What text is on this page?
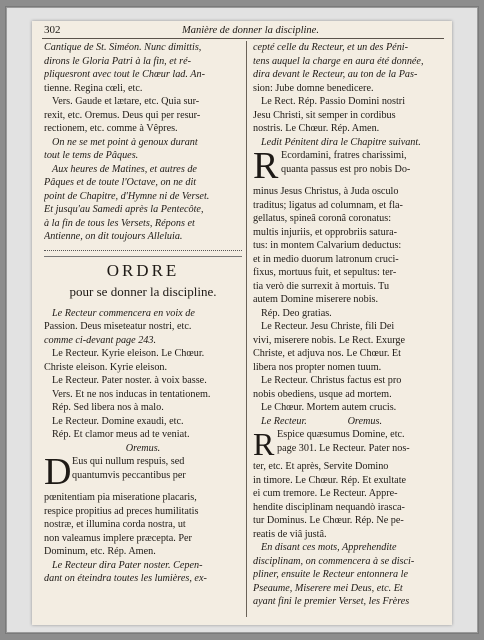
302	Manière de donner la discipline.
Cantique de St. Siméon. Nunc dimittis,
dirons le Gloria Patri à la fin, et ré-
pliquesront avec tout le Chœur lad. An-
tienne. Regina cœli, etc.
Vers. Gaude et lætare, etc. Quia sur-
rexit, etc. Oremus. Deus qui per resur-
rectionem, etc. comme à Vêpres.
On ne se met point à genoux durant
tout le tems de Pâques.
Aux heures de Matines, et autres de
Pâques et de toute l'Octave, on ne dit
point de Chapitre, d'Hymne ni de Verset.
Et jusqu'au Samedi après la Pentecôte,
à la fin de tous les Versets, Répons et
Antienne, on dit toujours Alleluia.
ORDRE
pour se donner la discipline.
Le Recteur commencera en voix de
Passion. Deus miseteatur nostri, etc.
comme ci-devant page 243.
Le Recteur. Kyrie eleison. Le Chœur.
Christe eleison. Kyrie eleison.
Le Recteur. Pater noster. à voix basse.
Vers. Et ne nos inducas in tentationem.
Rép. Sed libera nos à malo.
Le Recteur. Domine exaudi, etc.
Rép. Et clamor meus ad te veniat.
Oremus.
D Eus qui nullum respuis, sed
quantumvis peccantibus per
pœnitentiam pia miseratione placaris,
respice propitius ad preces humilitatis
nostræ, et illumina corda nostra, ut
non valeamus implere præcepta. Per
Dominum, etc. Rép. Amen.
Le Recteur dira Pater noster. Cepen-
dant on éteindra toutes les lumières, ex-
cepté celle du Recteur, et un des Péni-
tens auquel la charge en aura été donnée,
dira devant le Recteur, au ton de la Pas-
sion: Jube domne benedicere.
Le Rect. Rép. Passio Domini nostri
Jesu Christi, sit semper in cordibus
nostris. Le Chœur. Rép. Amen.
Ledit Pénitent dira le Chapitre suivant.
R Ecordamini, fratres charissimi,
quanta passus est pro nobis Do-
minus Jesus Christus, à Juda osculo
traditus; ligatus ad columnam, et fla-
gellatus, spineâ coronâ coronatus:
multis injuriis, et opprobriis satura-
tus: in montem Calvarium deductus:
et in medio duorum latronum cruci-
fixus, mortuus fuit, et sepultus: ter-
tia verò die surrexit à mortuis. Tu
autem Domine miserere nobis.
Rép. Deo gratias.
Le Recteur. Jesu Christe, fili Dei
vivi, miserere nobis. Le Rect. Exurge
Christe, et adjuva nos. Le Chœur. Et
libera nos propter nomen tuum.
Le Recteur. Christus factus est pro
nobis obediens, usque ad mortem.
Le Chœur. Mortem autem crucis.
Le Recteur.                Oremus.
R Espice quæsumus Domine, etc.
page 301. Le Recteur. Pater nos-
ter, etc. Et après, Servite Domino
in timore. Le Chœur. Rép. Et exultate
ei cum tremore. Le Recteur. Appre-
hendite disciplinam nequandò irasca-
tur Dominus. Le Chœur. Rép. Ne pe-
reatis de viâ justâ.
En disant ces mots, Apprehendite
disciplinam, on commencera à se disci-
pliner, ensuite le Recteur entonnera le
Pseaume, Miserere mei Deus, etc. Et
ayant fini le premier Verset, les Frères
